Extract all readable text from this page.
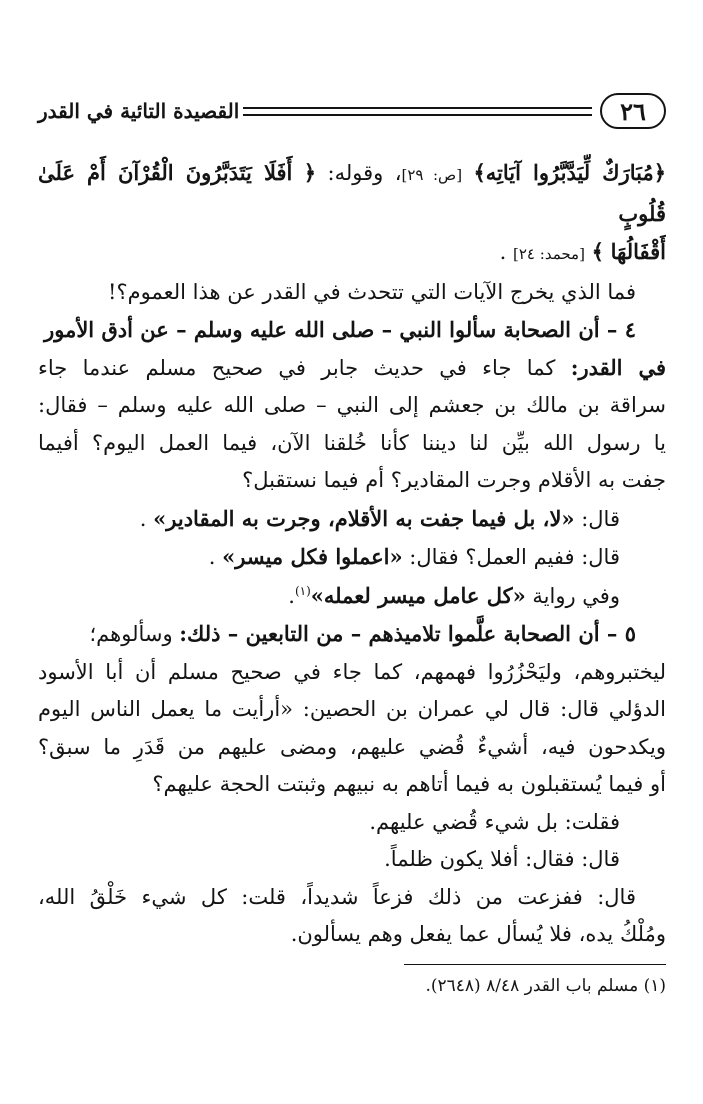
٢٦
القصيدة التائية في القدر
﴿مُبَارَكٌ لِّيَدَّبَّرُوا آيَاتِه﴾ [ص: ٢٩]، وقوله: ﴿ أَفَلَا يَتَدَبَّرُونَ الْقُرْآنَ أَمْ عَلَىٰ قُلُوبٍ
أَقْفَالُهَا ﴾ [محمد: ٢٤] .
فما الذي يخرج الآيات التي تتحدث في القدر عن هذا العموم؟!
٤ – أن الصحابة سألوا النبي – صلى الله عليه وسلم – عن أدق الأمور
في القدر: كما جاء في حديث جابر في صحيح مسلم عندما جاء
سراقة بن مالك بن جعشم إلى النبي – صلى الله عليه وسلم – فقال:
يا رسول الله بيِّن لنا ديننا كأنا خُلقنا الآن، فيما العمل اليوم؟ أفيما
جفت به الأقلام وجرت المقادير؟ أم فيما نستقبل؟
قال: «لا، بل فيما جفت به الأقلام، وجرت به المقادير» .
قال: ففيم العمل؟ فقال: «اعملوا فكل ميسر» .
وفي رواية «كل عامل ميسر لعمله»$^{(١)}$.
٥ – أن الصحابة علَّموا تلاميذهم – من التابعين – ذلك: وسألوهم؛
ليختبروهم، وليَحْزُرُوا فهمهم، كما جاء في صحيح مسلم أن أبا الأسود
الدؤلي قال: قال لي عمران بن الحصين: «أرأيت ما يعمل الناس اليوم
ويكدحون فيه، أشيءٌ قُضي عليهم، ومضى عليهم من قَدَرِ ما سبق؟
أو فيما يُستقبلون به فيما أتاهم به نبيهم وثبتت الحجة عليهم؟
فقلت: بل شيء قُضي عليهم.
قال: فقال: أفلا يكون ظلماً.
قال: ففزعت من ذلك فزعاً شديداً، قلت: كل شيء خَلْقُ الله،
ومُلْكُ يده، فلا يُسأل عما يفعل وهم يسألون.
(١) مسلم باب القدر ٨/٤٨ (٢٦٤٨).
